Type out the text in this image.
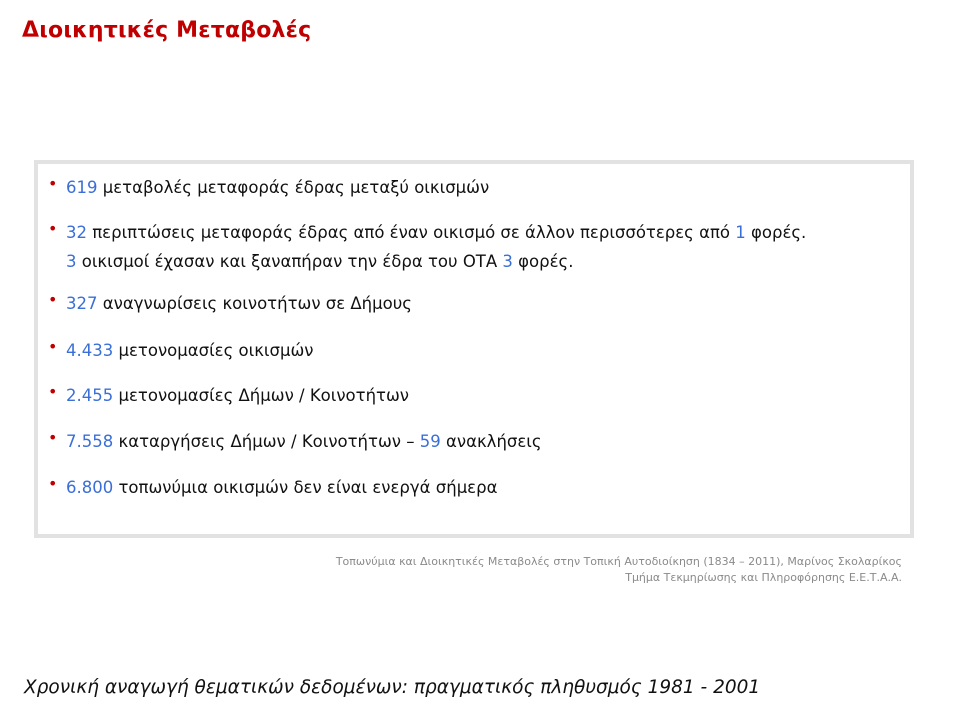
Διοικητικές Μεταβολές
• 619 μεταβολές μεταφοράς έδρας μεταξύ οικισμών
• 32 περιπτώσεις μεταφοράς έδρας από έναν οικισμό σε άλλον περισσότερες από 1 φορές.
3 οικισμοί έχασαν και ξαναπήραν την έδρα του ΟΤΑ 3 φορές.
• 327 αναγνωρίσεις κοινοτήτων σε Δήμους
• 4.433 μετονομασίες οικισμών
• 2.455 μετονομασίες Δήμων / Κοινοτήτων
• 7.558 καταργήσεις Δήμων / Κοινοτήτων – 59 ανακλήσεις
• 6.800 τοπωνύμια οικισμών δεν είναι ενεργά σήμερα
Τοπωνύμια και Διοικητικές Μεταβολές στην Τοπική Αυτοδιοίκηση (1834 – 2011), Μαρίνος Σκολαρίκος
Τμήμα Τεκμηρίωσης και Πληροφόρησης Ε.Ε.Τ.Α.Α.
Χρονική αναγωγή θεματικών δεδομένων: πραγματικός πληθυσμός 1981 - 2001
